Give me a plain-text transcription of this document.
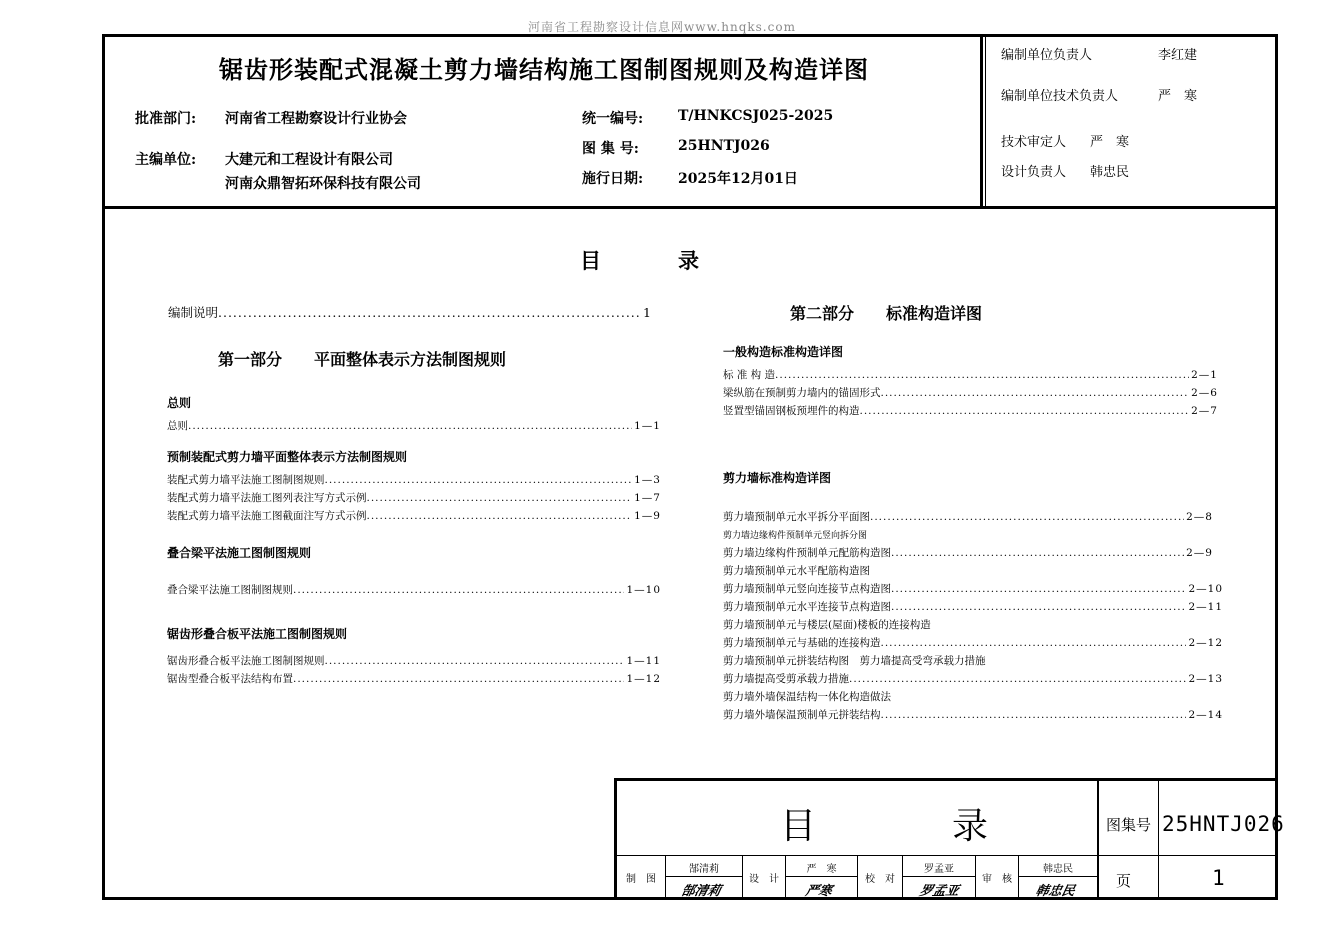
河南省工程勘察设计信息网www.hnqks.com
锯齿形装配式混凝土剪力墙结构施工图制图规则及构造详图
批准部门: 河南省工程勘察设计行业协会
主编单位: 大建元和工程设计有限公司
河南众鼎智拓环保科技有限公司
统一编号: T/HNKCSJ025-2025
图 集 号:	25HNTJ026
施行日期: 2025年12月01日
编制单位负责人	李红建
编制单位技术负责人	严　寒
技术审定人 严　寒
设计负责人 韩忠民
目　录
编制说明 .....	1
第一部分　　平面整体表示方法制图规则
总则
总则 .....	1—1
预制装配式剪力墙平面整体表示方法制图规则
装配式剪力墙平法施工图制图规则 .....	1—3
装配式剪力墙平法施工图列表注写方式示例 .....	1—7
装配式剪力墙平法施工图截面注写方式示例 .....	1—9
叠合梁平法施工图制图规则
叠合梁平法施工图制图规则 .....	1—10
锯齿形叠合板平法施工图制图规则
锯齿形叠合板平法施工图制图规则 .....	1—11
锯齿型叠合板平法结构布置 .....	1—12
第二部分　　标准构造详图
一般构造标准构造详图
标 准 构 造 .....	2—1
梁纵筋在预制剪力墙内的锚固形式 .....	2—6
竖置型锚固钢板预埋件的构造 .....	2—7
剪力墙标准构造详图
剪力墙预制单元水平拆分平面图 .....	2—8
剪力墙边缘构件预制单元竖向拆分图
剪力墙边缘构件预制单元配筋构造图 .....	2—9
剪力墙预制单元水平配筋构造图
剪力墙预制单元竖向连接节点构造图 .....	2—10
剪力墙预制单元水平连接节点构造图 .....	2—11
剪力墙预制单元与楼层(屋面)楼板的连接构造
剪力墙预制单元与基础的连接构造 .....	2—12
剪力墙预制单元拼装结构图　剪力墙提高受弯承载力措施
剪力墙提高受剪承载力措施 .....	2—13
剪力墙外墙保温结构一体化构造做法
剪力墙外墙保温预制单元拼装结构 .....	2—14
目　录	图集号 25HNTJ026
页	1
制　图	设　计	校　对	审　核
郜清莉	严　寒	罗孟亚	韩忠民
郜清莉	严寒	罗孟亚	韩忠民
